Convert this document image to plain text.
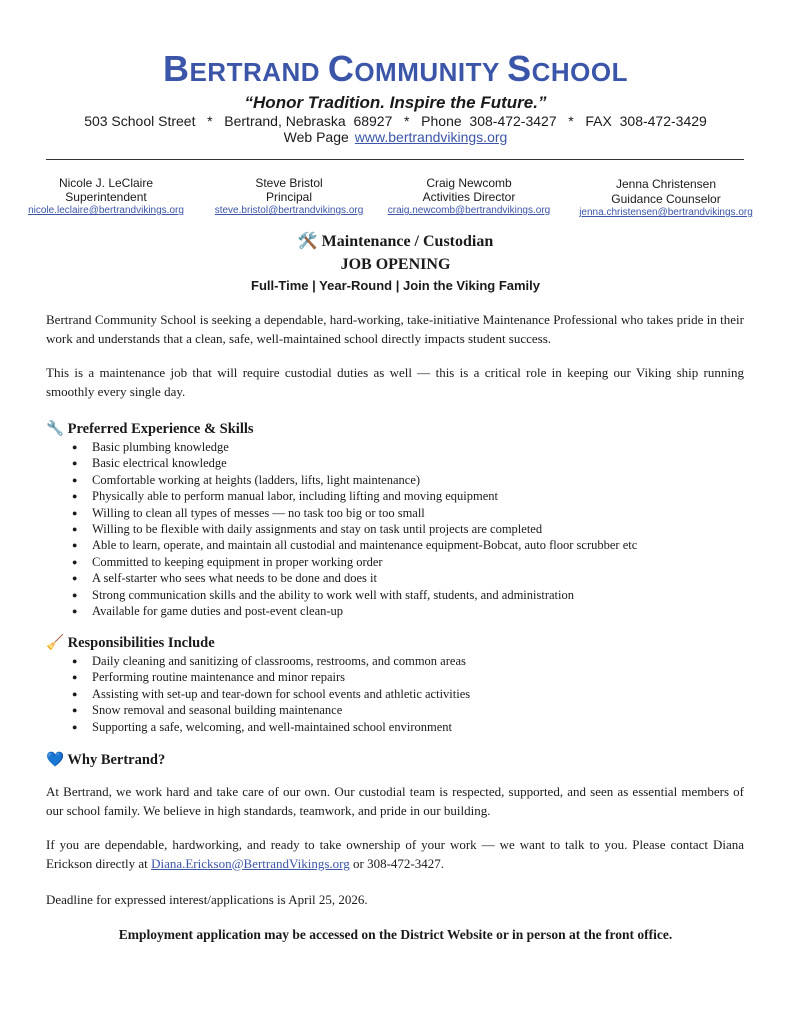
BERTRAND COMMUNITY SCHOOL
“Honor Tradition. Inspire the Future.”
503 School Street   *   Bertrand, Nebraska  68927   *   Phone  308-472-3427   *   FAX  308-472-3429
Web Page www.bertrandvikings.org
Nicole J. LeClaire
Superintendent
nicole.leclaire@bertrandvikings.org
Steve Bristol
Principal
steve.bristol@bertrandvikings.org
Craig Newcomb
Activities Director
craig.newcomb@bertrandvikings.org
Jenna Christensen
Guidance Counselor
jenna.christensen@bertrandvikings.org
🛠️ Maintenance / Custodian
JOB OPENING
Full-Time | Year-Round | Join the Viking Family

Bertrand Community School is seeking a dependable, hard-working, take-initiative Maintenance Professional who takes pride in their work and understands that a clean, safe, well-maintained school directly impacts student success.

This is a maintenance job that will require custodial duties as well — this is a critical role in keeping our Viking ship running smoothly every single day.

🔧 Preferred Experience & Skills
● Basic plumbing knowledge
● Basic electrical knowledge
● Comfortable working at heights (ladders, lifts, light maintenance)
● Physically able to perform manual labor, including lifting and moving equipment
● Willing to clean all types of messes — no task too big or too small
● Willing to be flexible with daily assignments and stay on task until projects are completed
● Able to learn, operate, and maintain all custodial and maintenance equipment-Bobcat, auto floor scrubber etc
● Committed to keeping equipment in proper working order
● A self-starter who sees what needs to be done and does it
● Strong communication skills and the ability to work well with staff, students, and administration
● Available for game duties and post-event clean-up
🧹 Responsibilities Include
● Daily cleaning and sanitizing of classrooms, restrooms, and common areas
● Performing routine maintenance and minor repairs
● Assisting with set-up and tear-down for school events and athletic activities
● Snow removal and seasonal building maintenance
● Supporting a safe, welcoming, and well-maintained school environment
💙 Why Bertrand?

At Bertrand, we work hard and take care of our own. Our custodial team is respected, supported, and seen as essential members of our school family. We believe in high standards, teamwork, and pride in our building.

If you are dependable, hardworking, and ready to take ownership of your work — we want to talk to you. Please contact Diana Erickson directly at Diana.Erickson@BertrandVikings.org or 308-472-3427.

Deadline for expressed interest/applications is April 25, 2026.

Employment application may be accessed on the District Website or in person at the front office.
